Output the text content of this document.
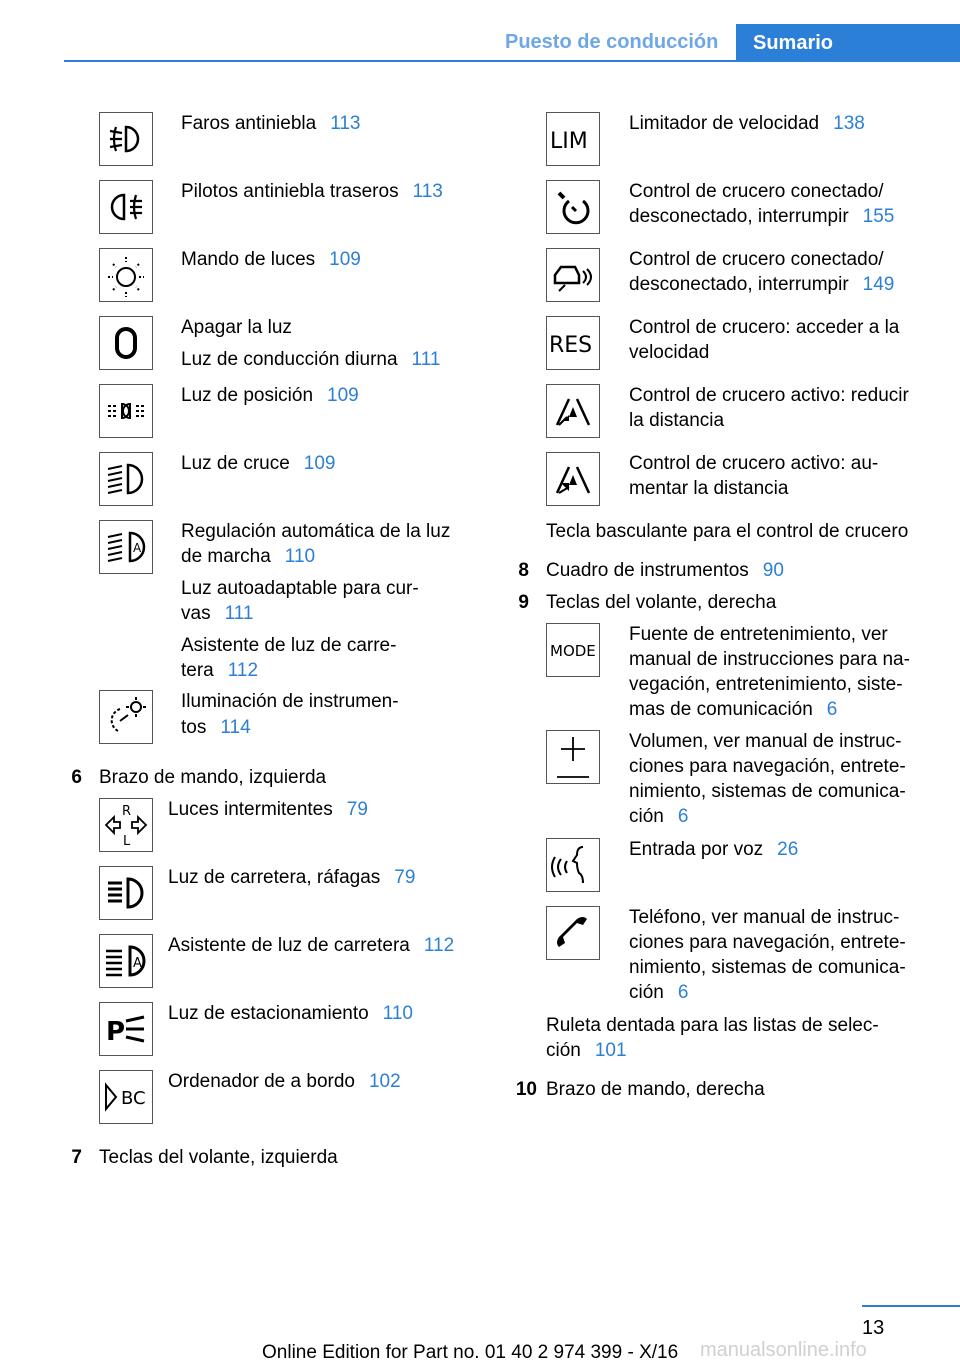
Puesto de conducción	Sumario
Faros antiniebla 113
Pilotos antiniebla traseros 113
Mando de luces 109
Apagar la luz
Luz de conducción diurna 111
Luz de posición 109
Luz de cruce 109
A
Regulación automática de la luz
de marcha 110
Luz autoadaptable para cur-
vas 111
Asistente de luz de carre-
tera 112
Iluminación de instrumen-
tos 114
6 Brazo de mando, izquierda
R
L
Luces intermitentes 79
Luz de carretera, ráfagas 79
A
Asistente de luz de carretera 112
P
Luz de estacionamiento 110
BC
Ordenador de a bordo 102
7 Teclas del volante, izquierda
LIM
Limitador de velocidad 138
Control de crucero conectado/
desconectado, interrumpir 155
Control de crucero conectado/
desconectado, interrumpir 149
RES
Control de crucero: acceder a la
velocidad
Control de crucero activo: reducir
la distancia
Control de crucero activo: au-
mentar la distancia
Tecla basculante para el control de crucero
8 Cuadro de instrumentos 90
9 Teclas del volante, derecha
MODE
Fuente de entretenimiento, ver
manual de instrucciones para na-
vegación, entretenimiento, siste-
mas de comunicación 6
Volumen, ver manual de instruc-
ciones para navegación, entrete-
nimiento, sistemas de comunica-
ción 6
Entrada por voz 26
Teléfono, ver manual de instruc-
ciones para navegación, entrete-
nimiento, sistemas de comunica-
ción 6
Ruleta dentada para las listas de selec-
ción 101
10 Brazo de mando, derecha
13
Online Edition for Part no. 01 40 2 974 399 - X/16 manualsonline.info
